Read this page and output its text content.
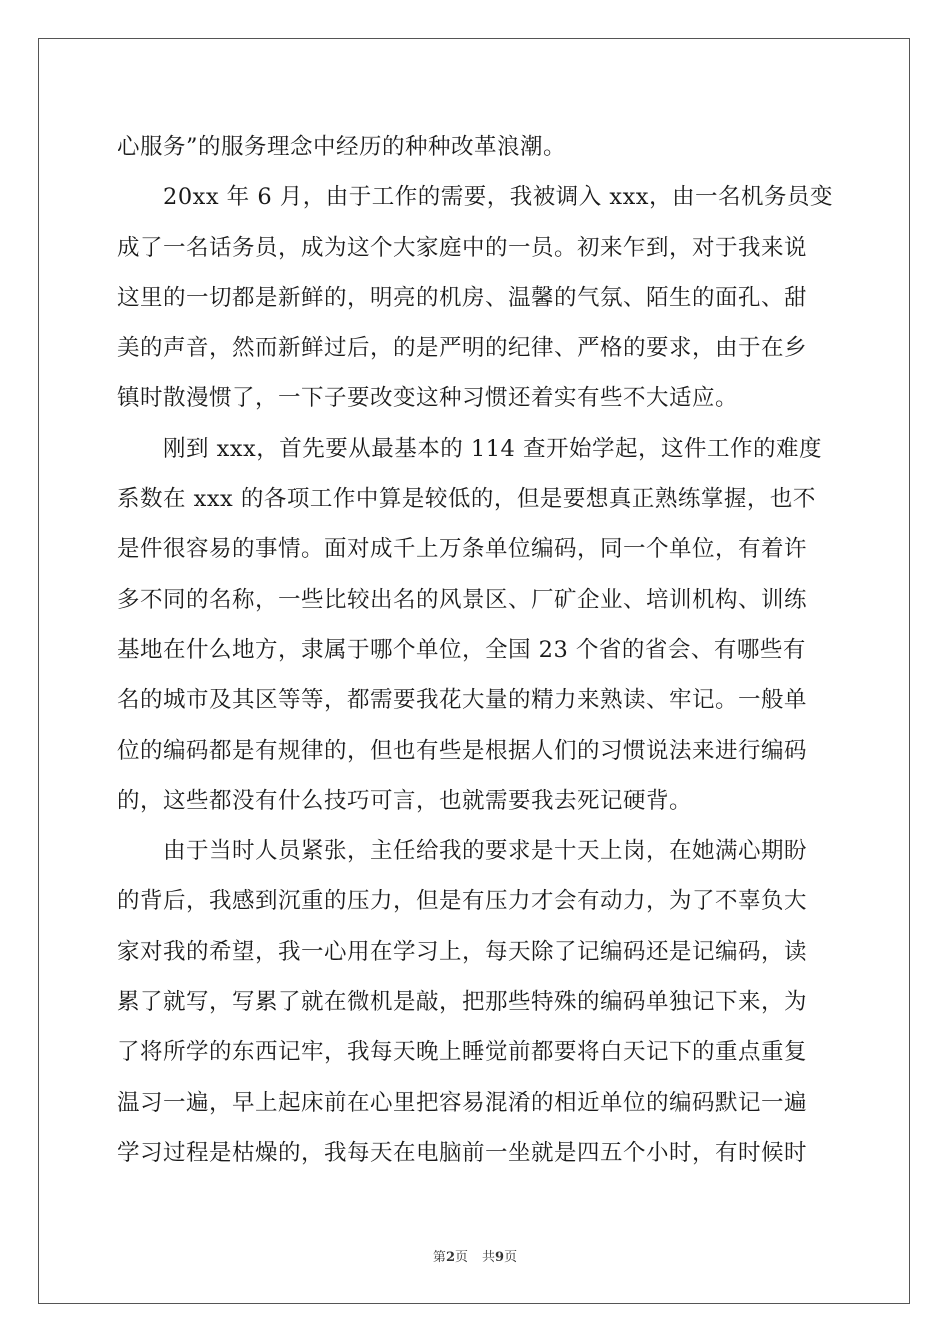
心服务”的服务理念中经历的种种改革浪潮。
20xx 年 6 月，由于工作的需要，我被调入 xxx，由一名机务员变
成了一名话务员，成为这个大家庭中的一员。初来乍到，对于我来说
这里的一切都是新鲜的，明亮的机房、温馨的气氛、陌生的面孔、甜
美的声音，然而新鲜过后，的是严明的纪律、严格的要求，由于在乡
镇时散漫惯了，一下子要改变这种习惯还着实有些不大适应。
刚到 xxx，首先要从最基本的 114 查开始学起，这件工作的难度
系数在 xxx 的各项工作中算是较低的，但是要想真正熟练掌握，也不
是件很容易的事情。面对成千上万条单位编码，同一个单位，有着许
多不同的名称，一些比较出名的风景区、厂矿企业、培训机构、训练
基地在什么地方，隶属于哪个单位，全国 23 个省的省会、有哪些有
名的城市及其区等等，都需要我花大量的精力来熟读、牢记。一般单
位的编码都是有规律的，但也有些是根据人们的习惯说法来进行编码
的，这些都没有什么技巧可言，也就需要我去死记硬背。
由于当时人员紧张，主任给我的要求是十天上岗，在她满心期盼
的背后，我感到沉重的压力，但是有压力才会有动力，为了不辜负大
家对我的希望，我一心用在学习上，每天除了记编码还是记编码，读
累了就写，写累了就在微机是敲，把那些特殊的编码单独记下来，为
了将所学的东西记牢，我每天晚上睡觉前都要将白天记下的重点重复
温习一遍，早上起床前在心里把容易混淆的相近单位的编码默记一遍
学习过程是枯燥的，我每天在电脑前一坐就是四五个小时，有时候时
第2页 共9页
